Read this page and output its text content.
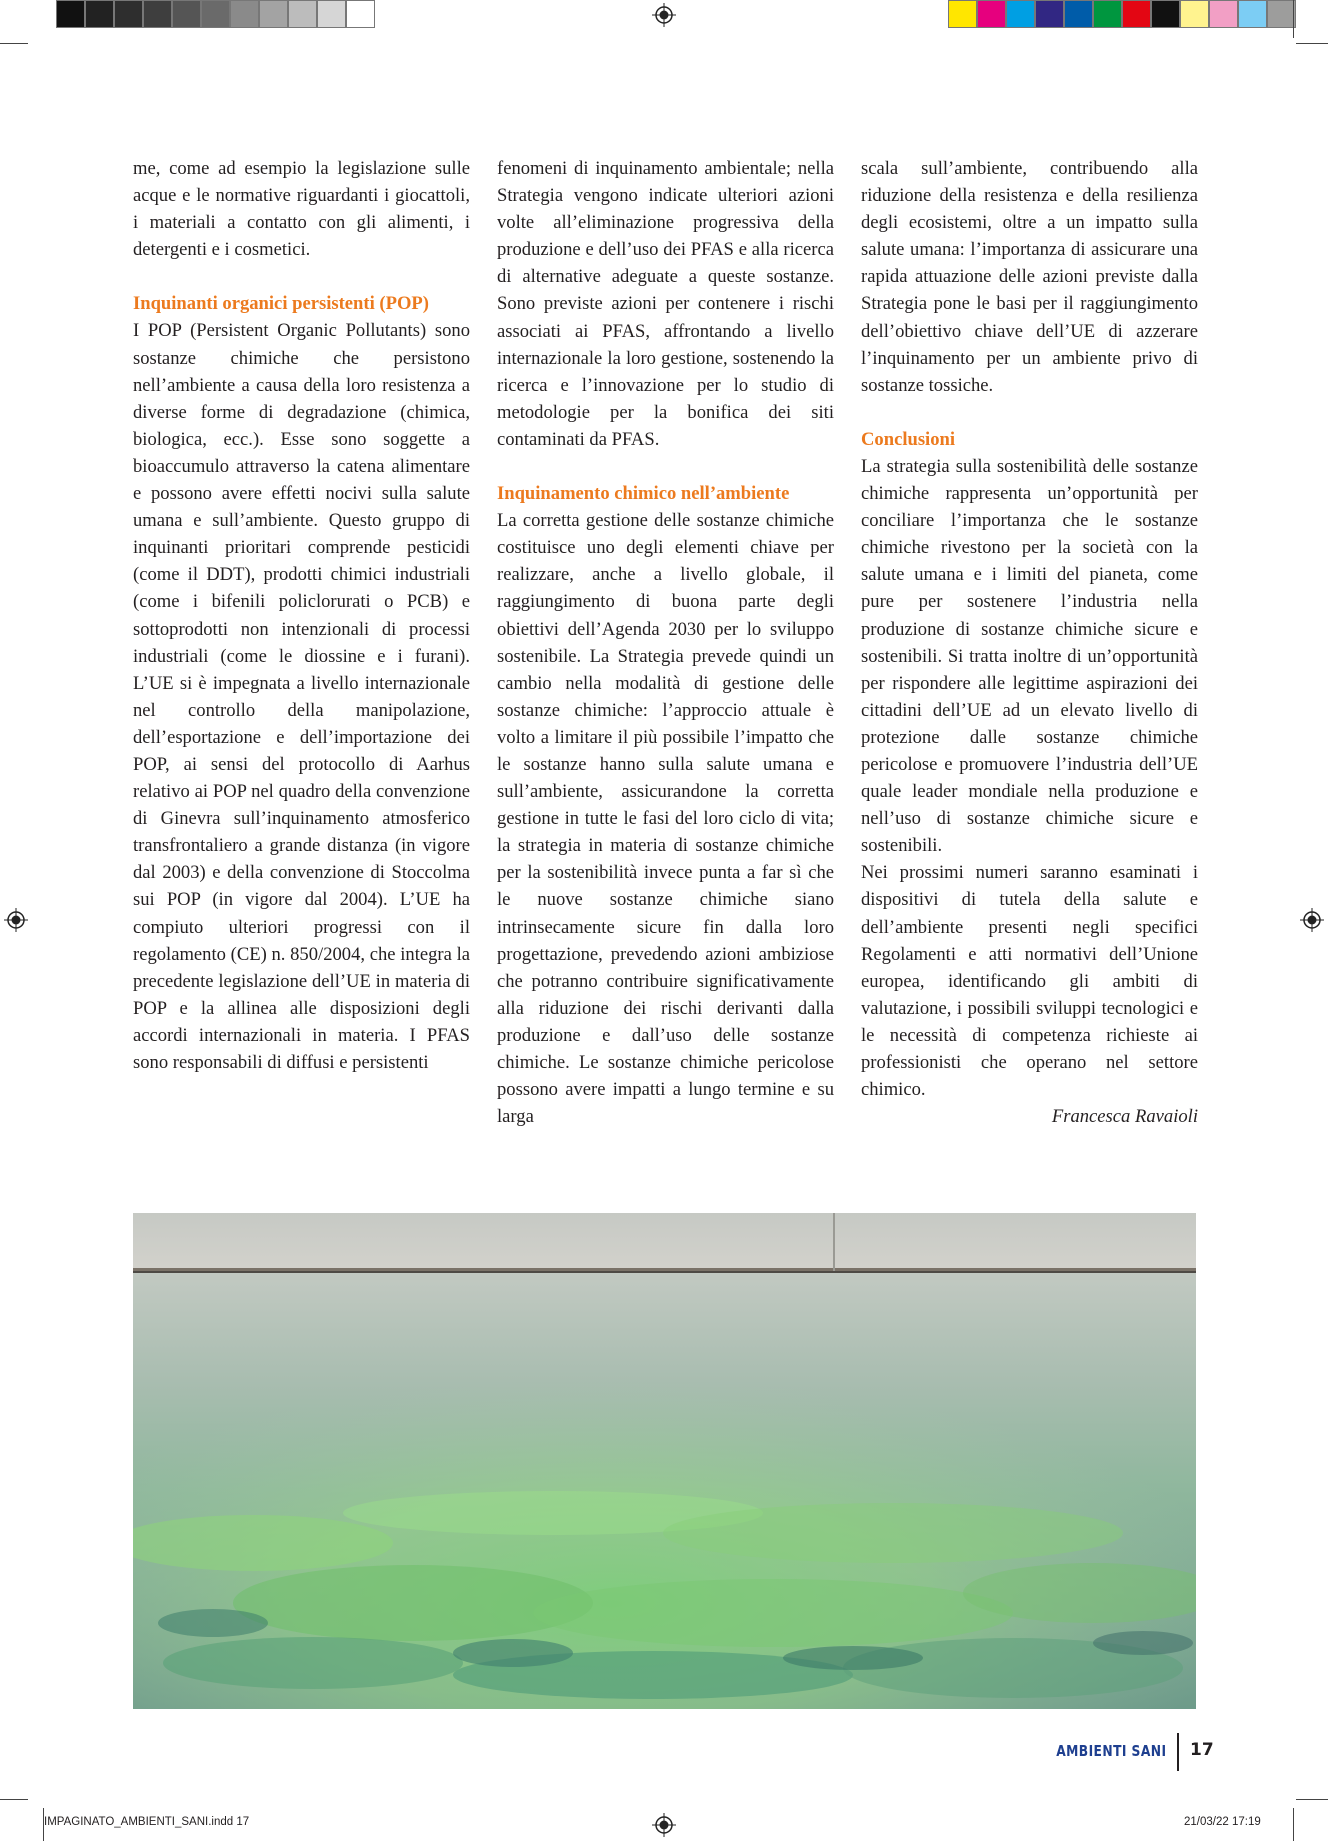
me, come ad esempio la legislazione sulle acque e le normative riguardanti i giocattoli, i materiali a contatto con gli alimenti, i detergenti e i cosmetici.

Inquinanti organici persistenti (POP)

I POP (Persistent Organic Pollutants) sono sostanze chimiche che persistono nell’ambiente a causa della loro resistenza a diverse forme di degradazione (chimica, biologica, ecc.). Esse sono soggette a bioaccumulo attraverso la catena alimentare e possono avere effetti nocivi sulla salute umana e sull’ambiente. Questo gruppo di inquinanti prioritari comprende pesticidi (come il DDT), prodotti chimici industriali (come i bifenili policlorurati o PCB) e sottoprodotti non intenzionali di processi industriali (come le diossine e i furani). L’UE si è impegnata a livello internazionale nel controllo della manipolazione, dell’esportazione e dell’importazione dei POP, ai sensi del protocollo di Aarhus relativo ai POP nel quadro della convenzione di Ginevra sull’inquinamento atmosferico transfrontaliero a grande distanza (in vigore dal 2003) e della convenzione di Stoccolma sui POP (in vigore dal 2004). L’UE ha compiuto ulteriori progressi con il regolamento (CE) n. 850/2004, che integra la precedente legislazione dell’UE in materia di POP e la allinea alle disposizioni degli accordi internazionali in materia. I PFAS sono responsabili di diffusi e persistenti

fenomeni di inquinamento ambientale; nella Strategia vengono indicate ulteriori azioni volte all’eliminazione progressiva della produzione e dell’uso dei PFAS e alla ricerca di alternative adeguate a queste sostanze. Sono previste azioni per contenere i rischi associati ai PFAS, affrontando a livello internazionale la loro gestione, sostenendo la ricerca e l’innovazione per lo studio di metodologie per la bonifica dei siti contaminati da PFAS.

Inquinamento chimico nell’ambiente

La corretta gestione delle sostanze chimiche costituisce uno degli elementi chiave per realizzare, anche a livello globale, il raggiungimento di buona parte degli obiettivi dell’Agenda 2030 per lo sviluppo sostenibile. La Strategia prevede quindi un cambio nella modalità di gestione delle sostanze chimiche: l’approccio attuale è volto a limitare il più possibile l’impatto che le sostanze hanno sulla salute umana e sull’ambiente, assicurandone la corretta gestione in tutte le fasi del loro ciclo di vita; la strategia in materia di sostanze chimiche per la sostenibilità invece punta a far sì che le nuove sostanze chimiche siano intrinsecamente sicure fin dalla loro progettazione, prevedendo azioni ambiziose che potranno contribuire significativamente alla riduzione dei rischi derivanti dalla produzione e dall’uso delle sostanze chimiche. Le sostanze chimiche pericolose possono avere impatti a lungo termine e su larga

scala sull’ambiente, contribuendo alla riduzione della resistenza e della resilienza degli ecosistemi, oltre a un impatto sulla salute umana: l’importanza di assicurare una rapida attuazione delle azioni previste dalla Strategia pone le basi per il raggiungimento dell’obiettivo chiave dell’UE di azzerare l’inquinamento per un ambiente privo di sostanze tossiche.

Conclusioni

La strategia sulla sostenibilità delle sostanze chimiche rappresenta un’opportunità per conciliare l’importanza che le sostanze chimiche rivestono per la società con la salute umana e i limiti del pianeta, come pure per sostenere l’industria nella produzione di sostanze chimiche sicure e sostenibili. Si tratta inoltre di un’opportunità per rispondere alle legittime aspirazioni dei cittadini dell’UE ad un elevato livello di protezione dalle sostanze chimiche pericolose e promuovere l’industria dell’UE quale leader mondiale nella produzione e nell’uso di sostanze chimiche sicure e sostenibili.

Nei prossimi numeri saranno esaminati i dispositivi di tutela della salute e dell’ambiente presenti negli specifici Regolamenti e atti normativi dell’Unione europea, identificando gli ambiti di valutazione, i possibili sviluppi tecnologici e le necessità di competenza richieste ai professionisti che operano nel settore chimico.

Francesca Ravaioli

AMBIENTI SANI 17
IMPAGINATO_AMBIENTI_SANI.indd 17	21/03/22 17:19
